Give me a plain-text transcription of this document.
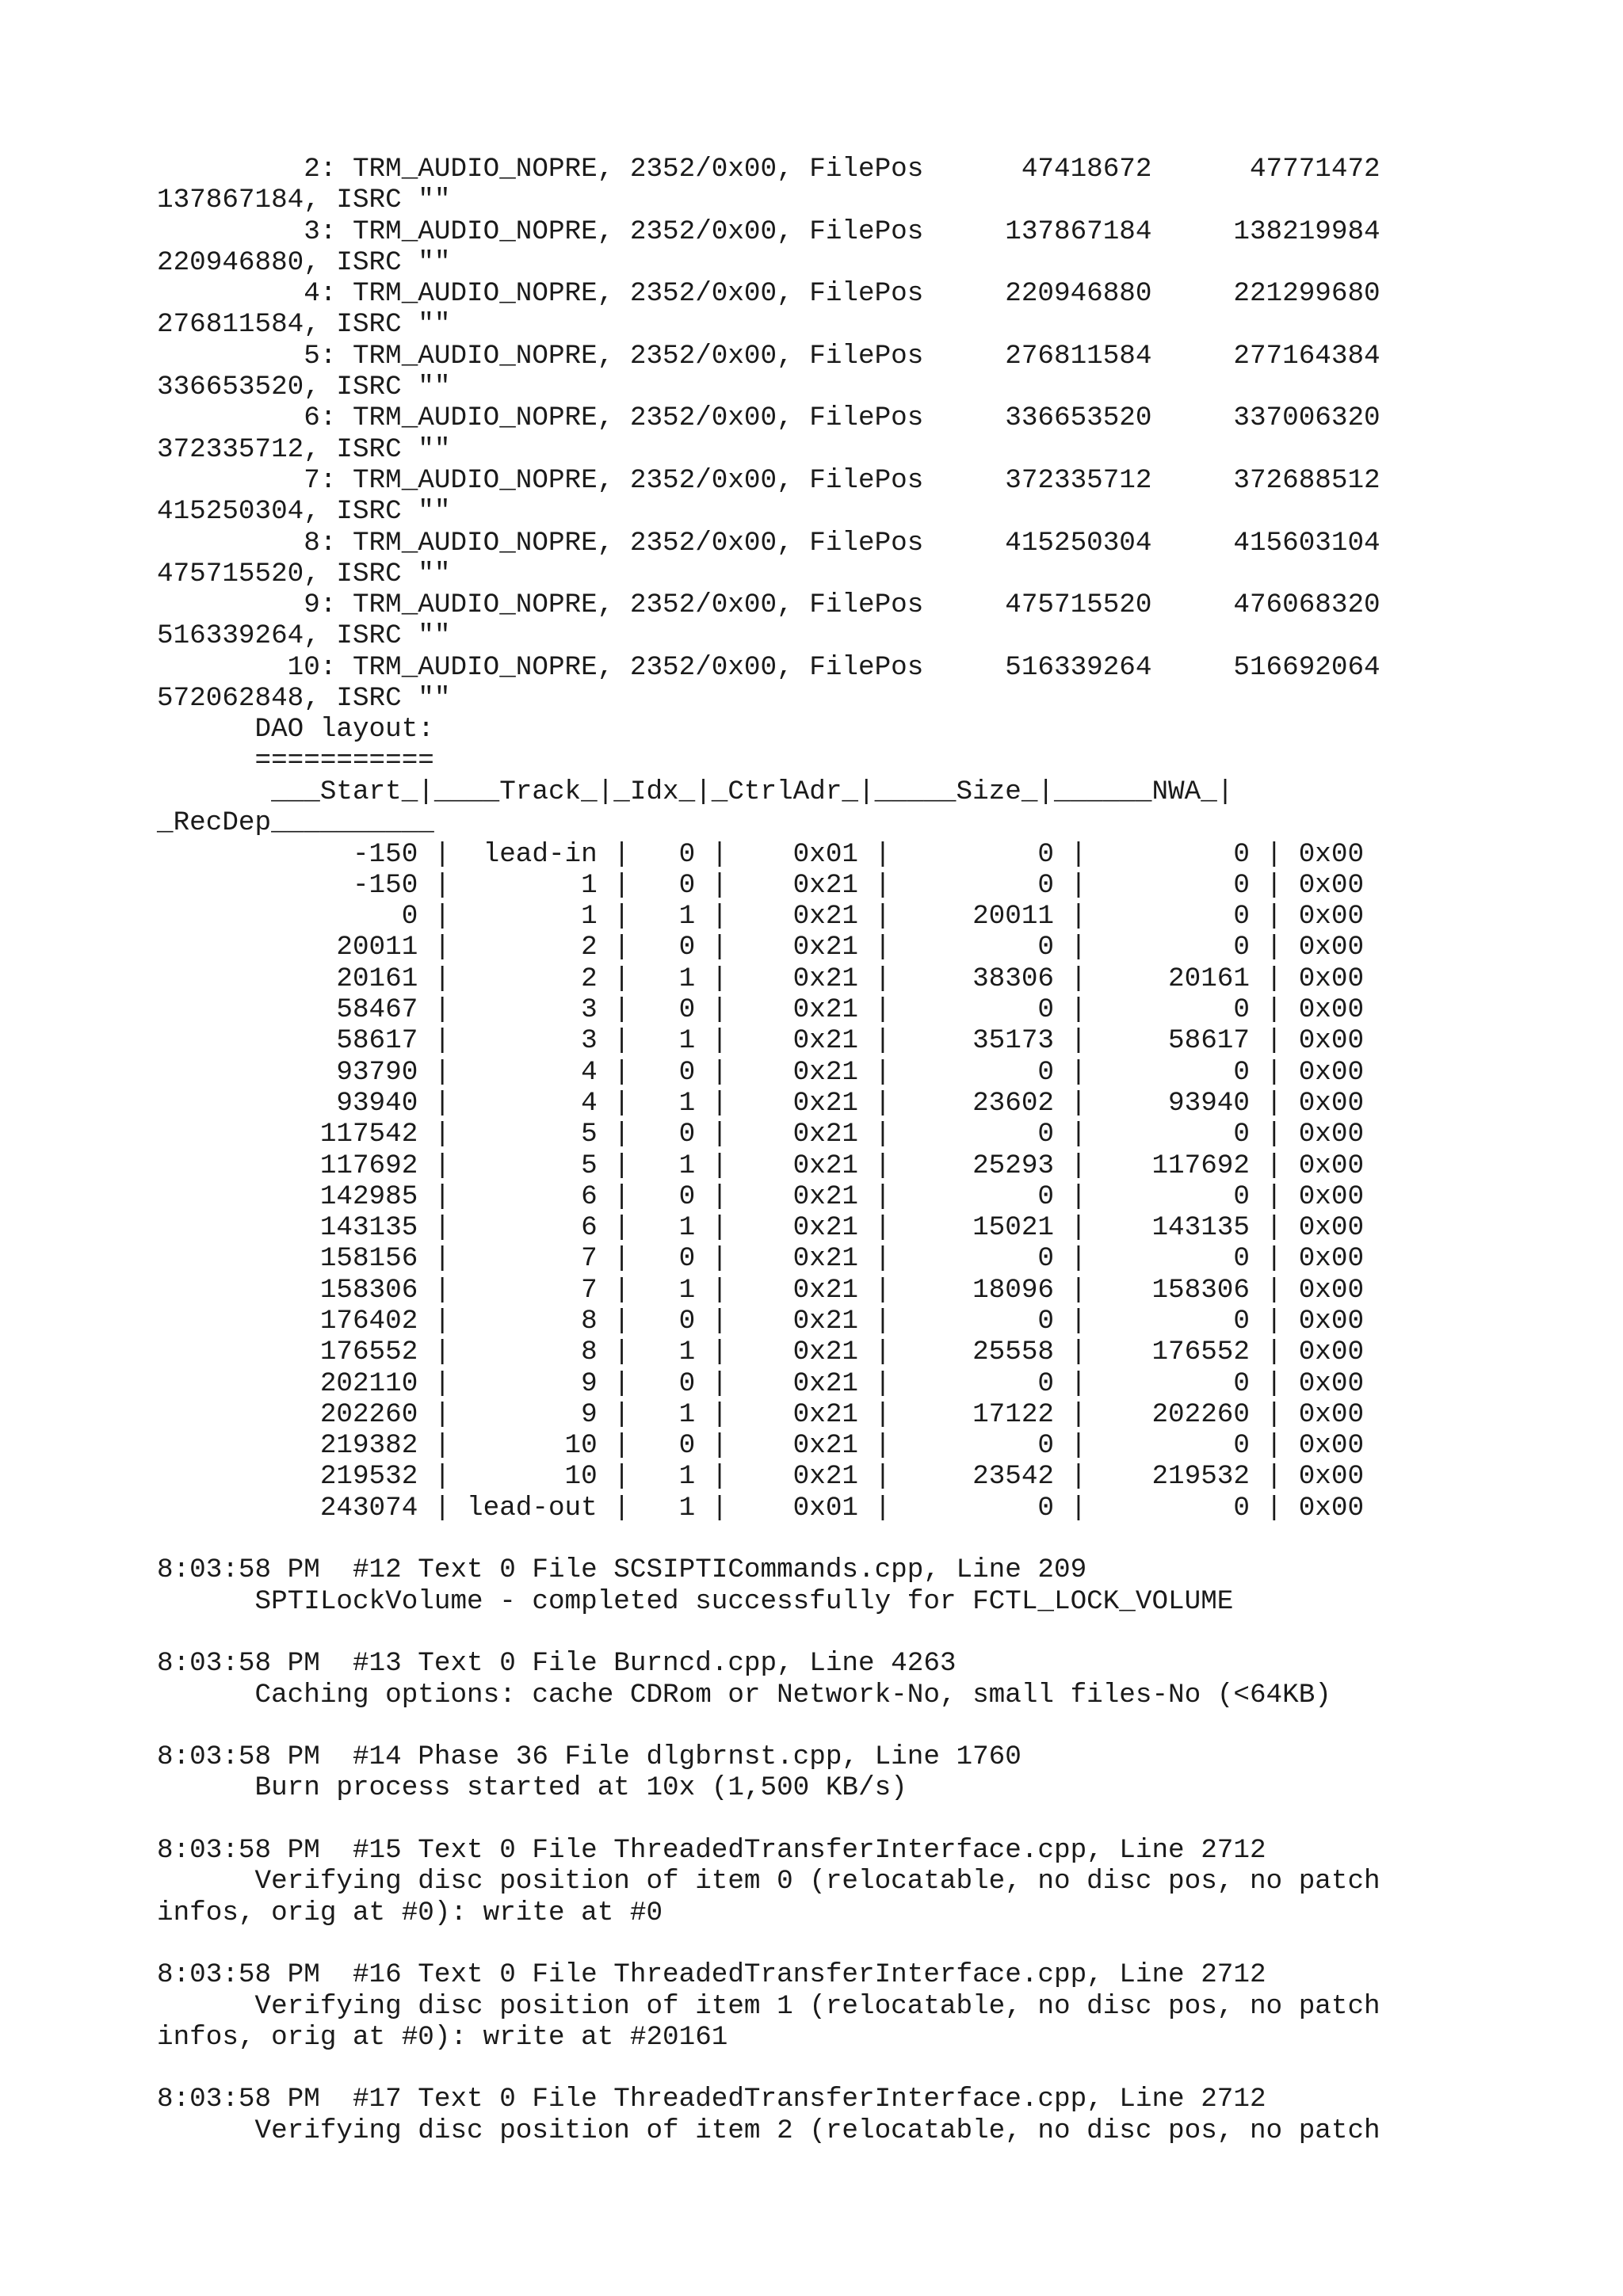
2: TRM_AUDIO_NOPRE, 2352/0x00, FilePos      47418672      47771472
137867184, ISRC ""
3: TRM_AUDIO_NOPRE, 2352/0x00, FilePos     137867184     138219984
220946880, ISRC ""
4: TRM_AUDIO_NOPRE, 2352/0x00, FilePos     220946880     221299680
276811584, ISRC ""
5: TRM_AUDIO_NOPRE, 2352/0x00, FilePos     276811584     277164384
336653520, ISRC ""
6: TRM_AUDIO_NOPRE, 2352/0x00, FilePos     336653520     337006320
372335712, ISRC ""
7: TRM_AUDIO_NOPRE, 2352/0x00, FilePos     372335712     372688512
415250304, ISRC ""
8: TRM_AUDIO_NOPRE, 2352/0x00, FilePos     415250304     415603104
475715520, ISRC ""
9: TRM_AUDIO_NOPRE, 2352/0x00, FilePos     475715520     476068320
516339264, ISRC ""
10: TRM_AUDIO_NOPRE, 2352/0x00, FilePos     516339264     516692064
572062848, ISRC ""
DAO layout:
===========
___Start_|____Track_|_Idx_|_CtrlAdr_|_____Size_|______NWA_|
_RecDep__________
-150 |  lead-in |   0 |    0x01 |         0 |         0 | 0x00
-150 |        1 |   0 |    0x21 |         0 |         0 | 0x00
0 |        1 |   1 |    0x21 |     20011 |         0 | 0x00
20011 |        2 |   0 |    0x21 |         0 |         0 | 0x00
20161 |        2 |   1 |    0x21 |     38306 |     20161 | 0x00
58467 |        3 |   0 |    0x21 |         0 |         0 | 0x00
58617 |        3 |   1 |    0x21 |     35173 |     58617 | 0x00
93790 |        4 |   0 |    0x21 |         0 |         0 | 0x00
93940 |        4 |   1 |    0x21 |     23602 |     93940 | 0x00
117542 |        5 |   0 |    0x21 |         0 |         0 | 0x00
117692 |        5 |   1 |    0x21 |     25293 |    117692 | 0x00
142985 |        6 |   0 |    0x21 |         0 |         0 | 0x00
143135 |        6 |   1 |    0x21 |     15021 |    143135 | 0x00
158156 |        7 |   0 |    0x21 |         0 |         0 | 0x00
158306 |        7 |   1 |    0x21 |     18096 |    158306 | 0x00
176402 |        8 |   0 |    0x21 |         0 |         0 | 0x00
176552 |        8 |   1 |    0x21 |     25558 |    176552 | 0x00
202110 |        9 |   0 |    0x21 |         0 |         0 | 0x00
202260 |        9 |   1 |    0x21 |     17122 |    202260 | 0x00
219382 |       10 |   0 |    0x21 |         0 |         0 | 0x00
219532 |       10 |   1 |    0x21 |     23542 |    219532 | 0x00
243074 | lead-out |   1 |    0x01 |         0 |         0 | 0x00
8:03:58 PM  #12 Text 0 File SCSIPTICommands.cpp, Line 209
SPTILockVolume - completed successfully for FCTL_LOCK_VOLUME
8:03:58 PM  #13 Text 0 File Burncd.cpp, Line 4263
Caching options: cache CDRom or Network-No, small files-No (<64KB)
8:03:58 PM  #14 Phase 36 File dlgbrnst.cpp, Line 1760
Burn process started at 10x (1,500 KB/s)
8:03:58 PM  #15 Text 0 File ThreadedTransferInterface.cpp, Line 2712
Verifying disc position of item 0 (relocatable, no disc pos, no patch
infos, orig at #0): write at #0
8:03:58 PM  #16 Text 0 File ThreadedTransferInterface.cpp, Line 2712
Verifying disc position of item 1 (relocatable, no disc pos, no patch
infos, orig at #0): write at #20161
8:03:58 PM  #17 Text 0 File ThreadedTransferInterface.cpp, Line 2712
Verifying disc position of item 2 (relocatable, no disc pos, no patch
